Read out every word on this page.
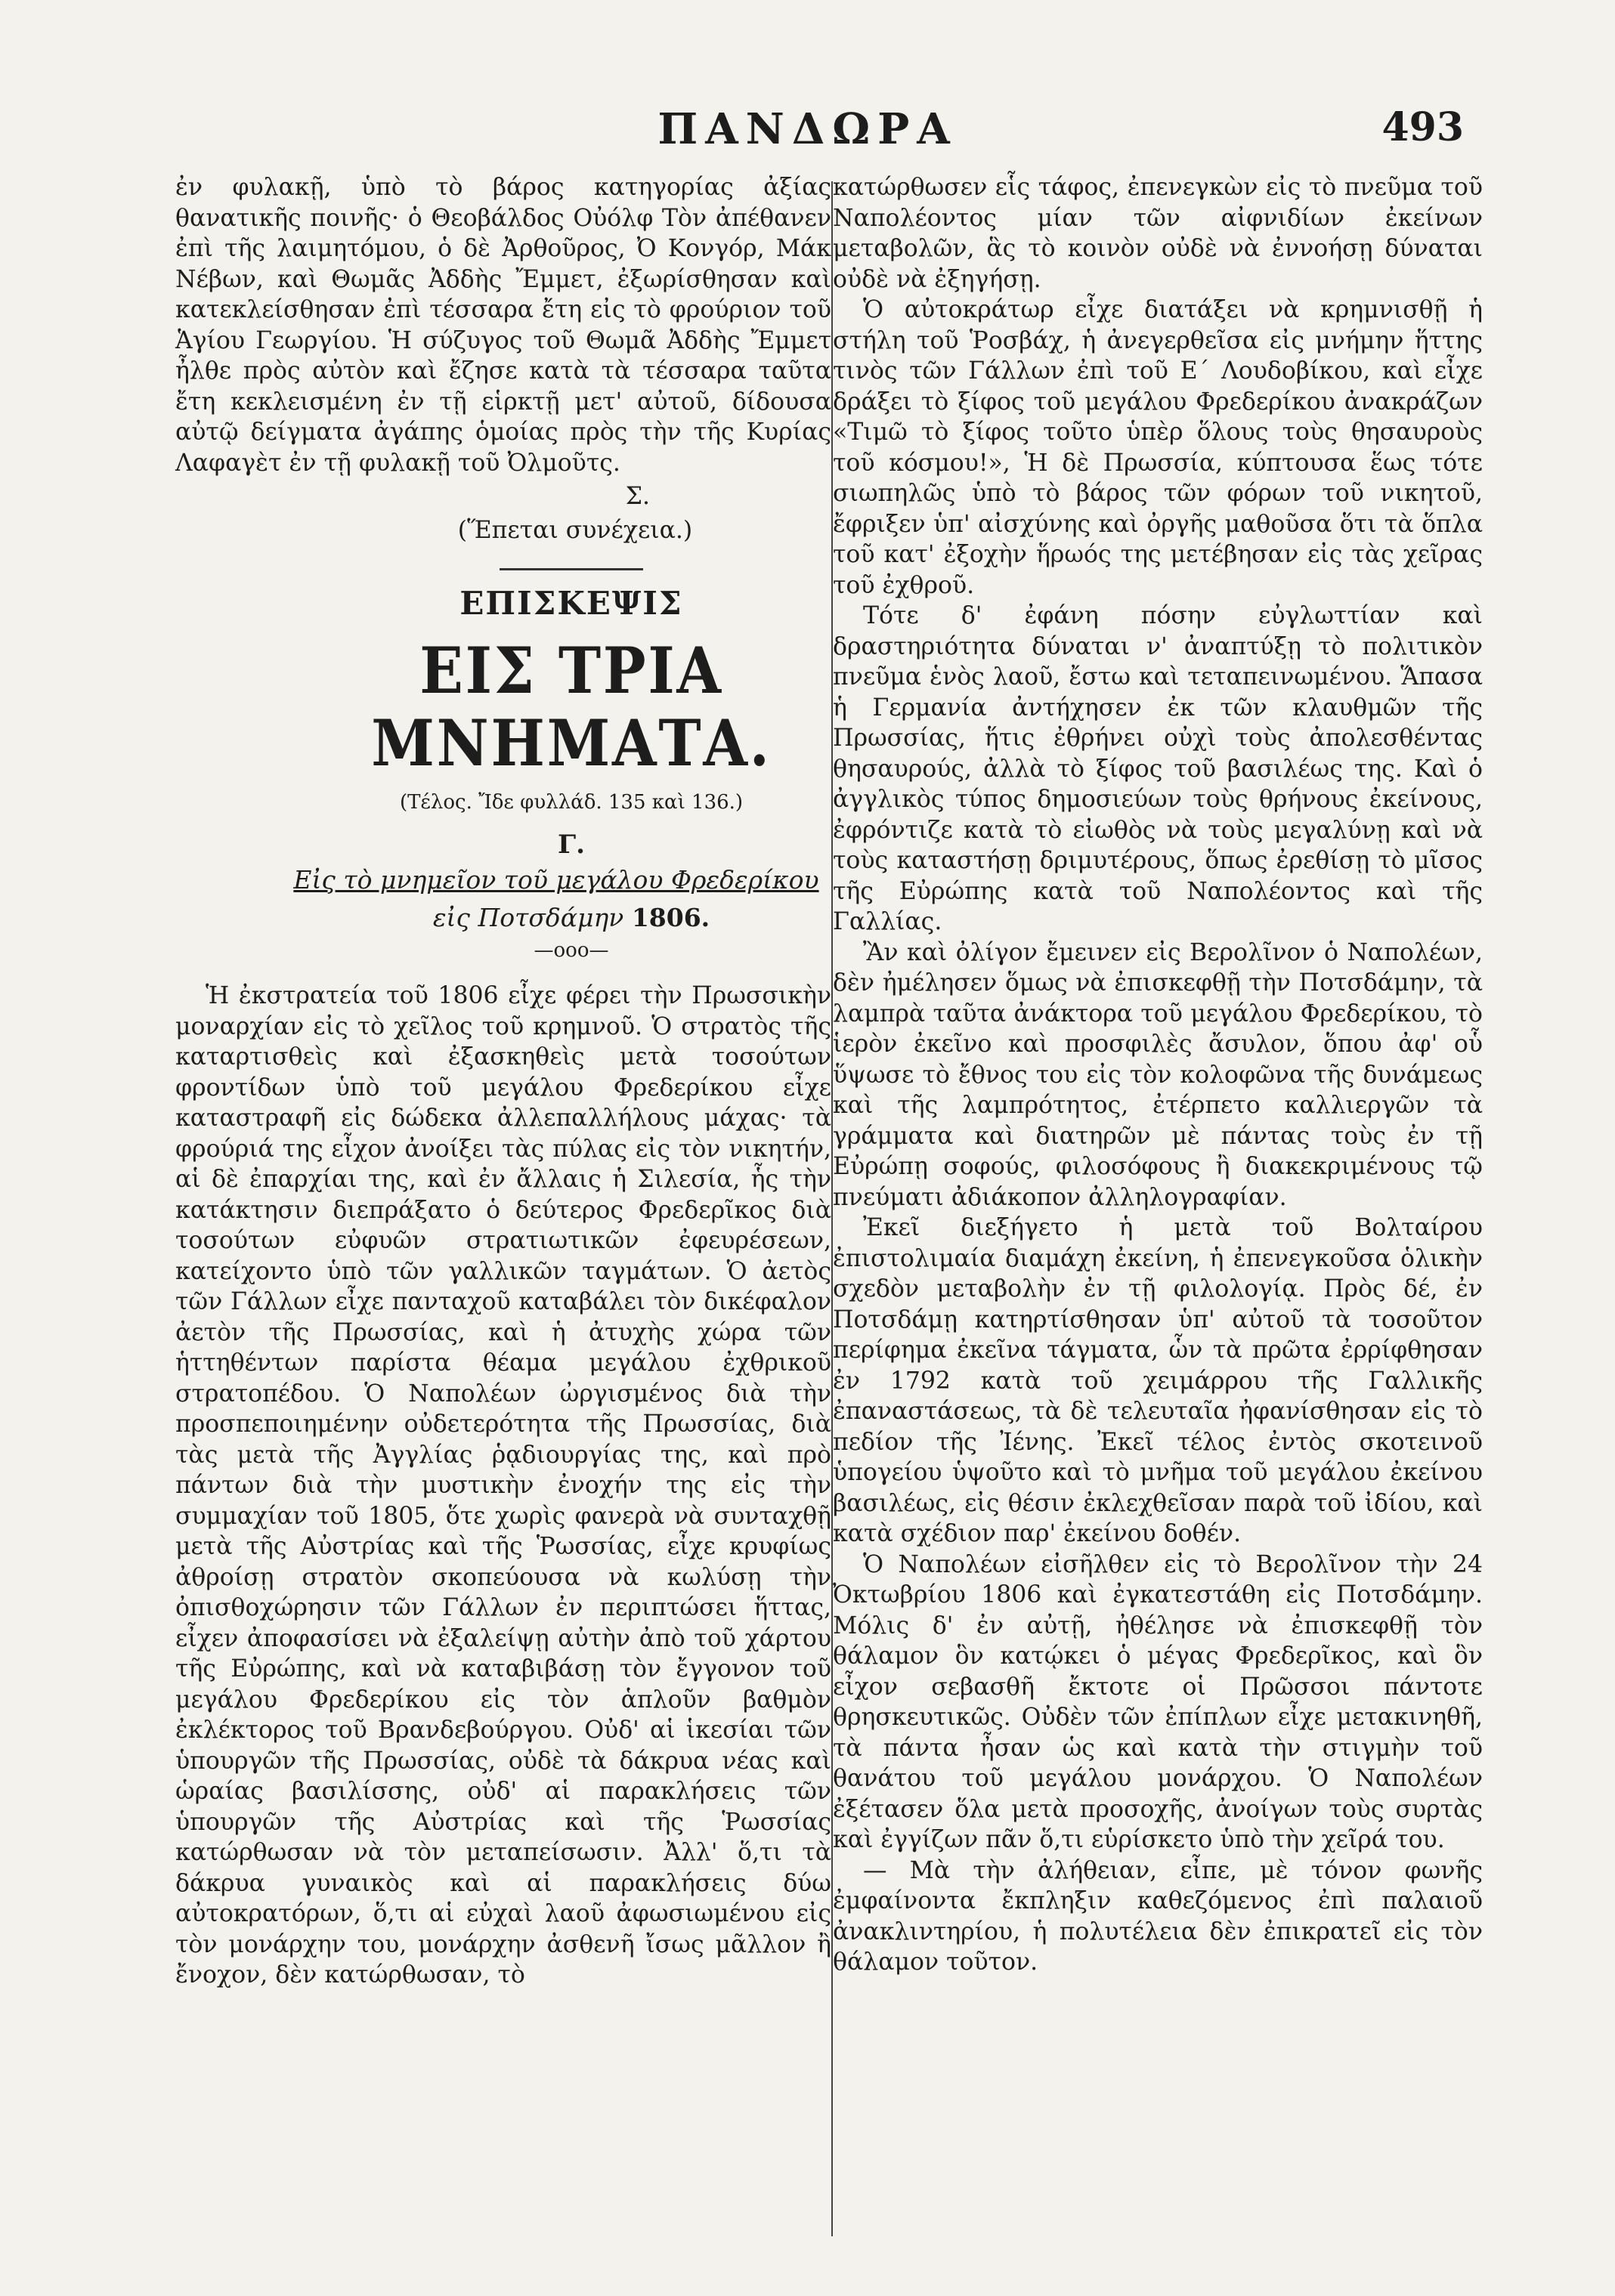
ΠΑΝΔΩΡΑ	493

ἐν φυλακῇ, ὑπὸ τὸ βάρος κατηγορίας ἀξίας θανατικῆς ποινῆς· ὁ Θεοβάλδος Οὐόλφ Τὸν ἀπέθανεν ἐπὶ τῆς λαιμητόμου, ὁ δὲ Ἀρθοῦρος, Ὀ Κονγόρ, Μάκ Νέβων, καὶ Θωμᾶς Ἀδδὴς Ἔμμετ, ἐξωρίσθησαν καὶ κατεκλείσθησαν ἐπὶ τέσσαρα ἔτη εἰς τὸ φρούριον τοῦ Ἁγίου Γεωργίου. Ἡ σύζυγος τοῦ Θωμᾶ Ἀδδὴς Ἔμμετ ἦλθε πρὸς αὐτὸν καὶ ἔζησε κατὰ τὰ τέσσαρα ταῦτα ἔτη κεκλεισμένη ἐν τῇ εἱρκτῇ μετ' αὐτοῦ, δίδουσα αὐτῷ δείγματα ἀγάπης ὁμοίας πρὸς τὴν τῆς Κυρίας Λαφαγὲτ ἐν τῇ φυλακῇ τοῦ Ὀλμοῦτς.

Σ.

(Ἕπεται συνέχεια.)

ΕΠΙΣΚΕΨΙΣ
ΕΙΣ ΤΡΙΑ ΜΝΗΜΑΤΑ.
(Τέλος. Ἴδε φυλλάδ. 135 καὶ 136.)
Γ.
Εἰς τὸ μνημεῖον τοῦ μεγάλου Φρεδερίκου
εἰς Ποτσδάμην 1806.
—ooo—

Ἡ ἐκστρατεία τοῦ 1806 εἶχε φέρει τὴν Πρωσσικὴν μοναρχίαν εἰς τὸ χεῖλος τοῦ κρημνοῦ. Ὁ στρατὸς τῆς καταρτισθεὶς καὶ ἐξασκηθεὶς μετὰ τοσούτων φροντίδων ὑπὸ τοῦ μεγάλου Φρεδερίκου εἶχε καταστραφῆ εἰς δώδεκα ἀλλεπαλλήλους μάχας· τὰ φρούριά της εἶχον ἀνοίξει τὰς πύλας εἰς τὸν νικητήν, αἱ δὲ ἐπαρχίαι της, καὶ ἐν ἄλλαις ἡ Σιλεσία, ἧς τὴν κατάκτησιν διεπράξατο ὁ δεύτερος Φρεδερῖκος διὰ τοσούτων εὐφυῶν στρατιωτικῶν ἐφευρέσεων, κατείχοντο ὑπὸ τῶν γαλλικῶν ταγμάτων. Ὁ ἀετὸς τῶν Γάλλων εἶχε πανταχοῦ καταβάλει τὸν δικέφαλον ἀετὸν τῆς Πρωσσίας, καὶ ἡ ἀτυχὴς χώρα τῶν ἡττηθέντων παρίστα θέαμα μεγάλου ἐχθρικοῦ στρατοπέδου. Ὁ Ναπολέων ὠργισμένος διὰ τὴν προσπεποιημένην οὐδετερότητα τῆς Πρωσσίας, διὰ τὰς μετὰ τῆς Ἀγγλίας ῥᾳδιουργίας της, καὶ πρὸ πάντων διὰ τὴν μυστικὴν ἐνοχήν της εἰς τὴν συμμαχίαν τοῦ 1805, ὅτε χωρὶς φανερὰ νὰ συνταχθῇ μετὰ τῆς Αὐστρίας καὶ τῆς Ῥωσσίας, εἶχε κρυφίως ἀθροίσῃ στρατὸν σκοπεύουσα νὰ κωλύσῃ τὴν ὀπισθοχώρησιν τῶν Γάλλων ἐν περιπτώσει ἥττας, εἶχεν ἀποφασίσει νὰ ἐξαλείψῃ αὐτὴν ἀπὸ τοῦ χάρτου τῆς Εὐρώπης, καὶ νὰ καταβιβάσῃ τὸν ἔγγονον τοῦ μεγάλου Φρεδερίκου εἰς τὸν ἁπλοῦν βαθμὸν ἐκλέκτορος τοῦ Βρανδεβούργου. Οὐδ' αἱ ἱκεσίαι τῶν ὑπουργῶν τῆς Πρωσσίας, οὐδὲ τὰ δάκρυα νέας καὶ ὡραίας βασιλίσσης, οὐδ' αἱ παρακλήσεις τῶν ὑπουργῶν τῆς Αὐστρίας καὶ τῆς Ῥωσσίας κατώρθωσαν νὰ τὸν μεταπείσωσιν. Ἀλλ' ὅ,τι τὰ δάκρυα γυναικὸς καὶ αἱ παρακλήσεις δύω αὐτοκρατόρων, ὅ,τι αἱ εὐχαὶ λαοῦ ἀφωσιωμένου εἰς τὸν μονάρχην του, μονάρχην ἀσθενῆ ἴσως μᾶλλον ἢ ἔνοχον, δὲν κατώρθωσαν, τὸ

κατώρθωσεν εἷς τάφος, ἐπενεγκὼν εἰς τὸ πνεῦμα τοῦ Ναπολέοντος μίαν τῶν αἰφνιδίων ἐκείνων μεταβολῶν, ἃς τὸ κοινὸν οὐδὲ νὰ ἐννοήσῃ δύναται οὐδὲ νὰ ἐξηγήσῃ.

Ὁ αὐτοκράτωρ εἶχε διατάξει νὰ κρημνισθῇ ἡ στήλη τοῦ Ῥοσβάχ, ἡ ἀνεγερθεῖσα εἰς μνήμην ἥττης τινὸς τῶν Γάλλων ἐπὶ τοῦ Ε΄ Λουδοβίκου, καὶ εἶχε δράξει τὸ ξίφος τοῦ μεγάλου Φρεδερίκου ἀνακράζων «Τιμῶ τὸ ξίφος τοῦτο ὑπὲρ ὅλους τοὺς θησαυροὺς τοῦ κόσμου!», Ἡ δὲ Πρωσσία, κύπτουσα ἕως τότε σιωπηλῶς ὑπὸ τὸ βάρος τῶν φόρων τοῦ νικητοῦ, ἔφριξεν ὑπ' αἰσχύνης καὶ ὀργῆς μαθοῦσα ὅτι τὰ ὅπλα τοῦ κατ' ἐξοχὴν ἥρωός της μετέβησαν εἰς τὰς χεῖρας τοῦ ἐχθροῦ.

Τότε δ' ἐφάνη πόσην εὐγλωττίαν καὶ δραστηριότητα δύναται ν' ἀναπτύξῃ τὸ πολιτικὸν πνεῦμα ἑνὸς λαοῦ, ἔστω καὶ τεταπεινωμένου. Ἅπασα ἡ Γερμανία ἀντήχησεν ἐκ τῶν κλαυθμῶν τῆς Πρωσσίας, ἥτις ἐθρήνει οὐχὶ τοὺς ἀπολεσθέντας θησαυρούς, ἀλλὰ τὸ ξίφος τοῦ βασιλέως της. Καὶ ὁ ἀγγλικὸς τύπος δημοσιεύων τοὺς θρήνους ἐκείνους, ἐφρόντιζε κατὰ τὸ εἰωθὸς νὰ τοὺς μεγαλύνῃ καὶ νὰ τοὺς καταστήσῃ δριμυτέρους, ὅπως ἐρεθίσῃ τὸ μῖσος τῆς Εὐρώπης κατὰ τοῦ Ναπολέοντος καὶ τῆς Γαλλίας.

Ἂν καὶ ὀλίγον ἔμεινεν εἰς Βερολῖνον ὁ Ναπολέων, δὲν ἠμέλησεν ὅμως νὰ ἐπισκεφθῇ τὴν Ποτσδάμην, τὰ λαμπρὰ ταῦτα ἀνάκτορα τοῦ μεγάλου Φρεδερίκου, τὸ ἱερὸν ἐκεῖνο καὶ προσφιλὲς ἄσυλον, ὅπου ἀφ' οὗ ὕψωσε τὸ ἔθνος του εἰς τὸν κολοφῶνα τῆς δυνάμεως καὶ τῆς λαμπρότητος, ἐτέρπετο καλλιεργῶν τὰ γράμματα καὶ διατηρῶν μὲ πάντας τοὺς ἐν τῇ Εὐρώπῃ σοφούς, φιλοσόφους ἢ διακεκριμένους τῷ πνεύματι ἀδιάκοπον ἀλληλογραφίαν.

Ἐκεῖ διεξήγετο ἡ μετὰ τοῦ Βολταίρου ἐπιστολιμαία διαμάχη ἐκείνη, ἡ ἐπενεγκοῦσα ὁλικὴν σχεδὸν μεταβολὴν ἐν τῇ φιλολογίᾳ. Πρὸς δέ, ἐν Ποτσδάμῃ κατηρτίσθησαν ὑπ' αὐτοῦ τὰ τοσοῦτον περίφημα ἐκεῖνα τάγματα, ὧν τὰ πρῶτα ἐρρίφθησαν ἐν 1792 κατὰ τοῦ χειμάρρου τῆς Γαλλικῆς ἐπαναστάσεως, τὰ δὲ τελευταῖα ἠφανίσθησαν εἰς τὸ πεδίον τῆς Ἰένης. Ἐκεῖ τέλος ἐντὸς σκοτεινοῦ ὑπογείου ὑψοῦτο καὶ τὸ μνῆμα τοῦ μεγάλου ἐκείνου βασιλέως, εἰς θέσιν ἐκλεχθεῖσαν παρὰ τοῦ ἰδίου, καὶ κατὰ σχέδιον παρ' ἐκείνου δοθέν.

Ὁ Ναπολέων εἰσῆλθεν εἰς τὸ Βερολῖνον τὴν 24 Ὀκτωβρίου 1806 καὶ ἐγκατεστάθη εἰς Ποτσδάμην. Μόλις δ' ἐν αὐτῇ, ἠθέλησε νὰ ἐπισκεφθῇ τὸν θάλαμον ὃν κατῴκει ὁ μέγας Φρεδερῖκος, καὶ ὃν εἶχον σεβασθῆ ἔκτοτε οἱ Πρῶσσοι πάντοτε θρησκευτικῶς. Οὐδὲν τῶν ἐπίπλων εἶχε μετακινηθῆ, τὰ πάντα ἦσαν ὡς καὶ κατὰ τὴν στιγμὴν τοῦ θανάτου τοῦ μεγάλου μονάρχου. Ὁ Ναπολέων ἐξέτασεν ὅλα μετὰ προσοχῆς, ἀνοίγων τοὺς συρτὰς καὶ ἐγγίζων πᾶν ὅ,τι εὑρίσκετο ὑπὸ τὴν χεῖρά του.

— Μὰ τὴν ἀλήθειαν, εἶπε, μὲ τόνον φωνῆς ἐμφαίνοντα ἔκπληξιν καθεζόμενος ἐπὶ παλαιοῦ ἀνακλιντηρίου, ἡ πολυτέλεια δὲν ἐπικρατεῖ εἰς τὸν θάλαμον τοῦτον.
